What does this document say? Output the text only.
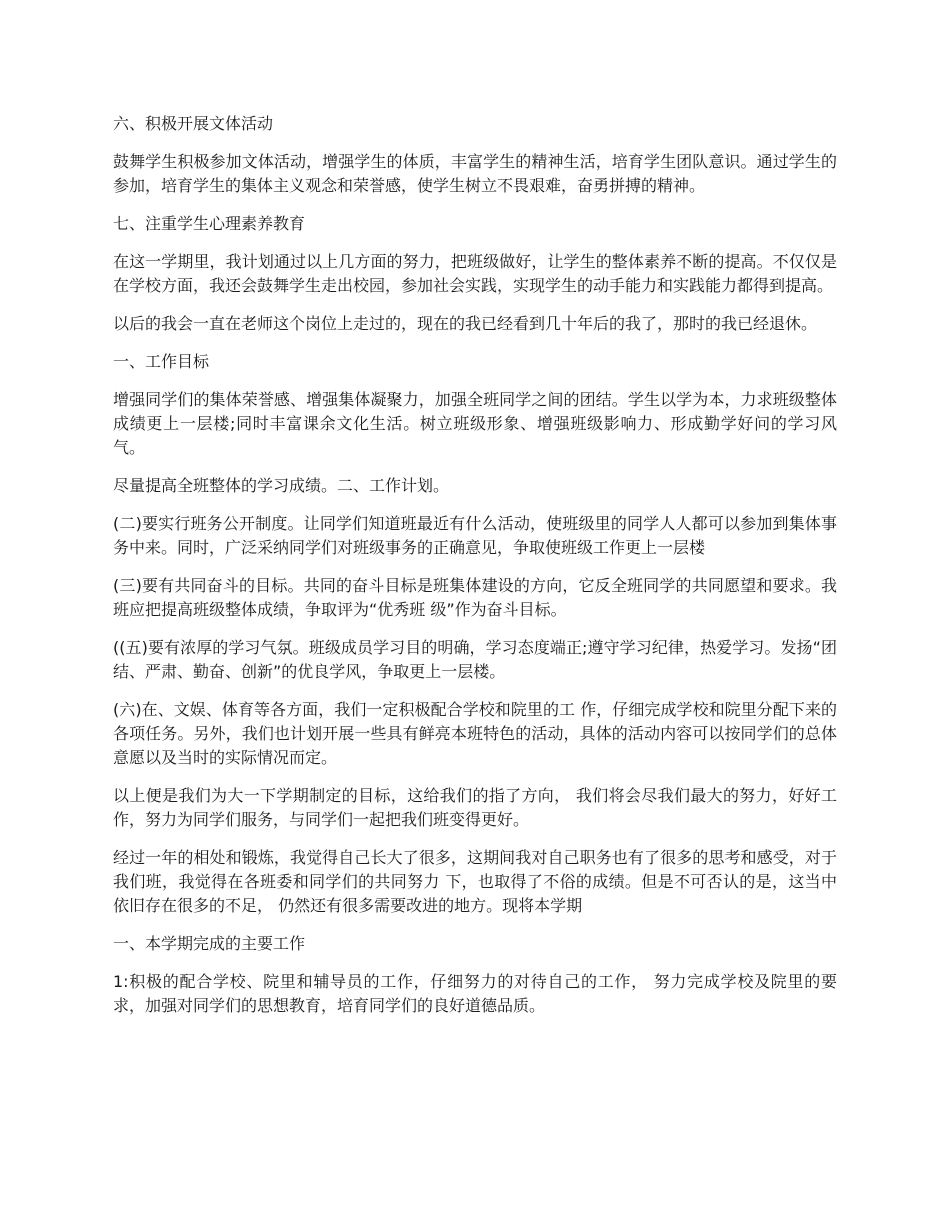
六、积极开展文体活动

鼓舞学生积极参加文体活动，增强学生的体质，丰富学生的精神生活，培育学生团队意识。通过学生的参加，培育学生的集体主义观念和荣誉感，使学生树立不畏艰难，奋勇拼搏的精神。

七、注重学生心理素养教育

在这一学期里，我计划通过以上几方面的努力，把班级做好，让学生的整体素养不断的提高。不仅仅是在学校方面，我还会鼓舞学生走出校园，参加社会实践，实现学生的动手能力和实践能力都得到提高。

以后的我会一直在老师这个岗位上走过的，现在的我已经看到几十年后的我了，那时的我已经退休。

一、工作目标

增强同学们的集体荣誉感、增强集体凝聚力，加强全班同学之间的团结。学生以学为本，力求班级整体成绩更上一层楼;同时丰富课余文化生活。树立班级形象、增强班级影响力、形成勤学好问的学习风气。

尽量提高全班整体的学习成绩。二、工作计划。

(二)要实行班务公开制度。让同学们知道班最近有什么活动，使班级里的同学人人都可以参加到集体事务中来。同时，广泛采纳同学们对班级事务的正确意见，争取使班级工作更上一层楼

(三)要有共同奋斗的目标。共同的奋斗目标是班集体建设的方向，它反全班同学的共同愿望和要求。我班应把提高班级整体成绩，争取评为“优秀班 级”作为奋斗目标。

((五)要有浓厚的学习气氛。班级成员学习目的明确，学习态度端正;遵守学习纪律，热爱学习。发扬“团结、严肃、勤奋、创新”的优良学风，争取更上一层楼。

(六)在、文娱、体育等各方面，我们一定积极配合学校和院里的工 作，仔细完成学校和院里分配下来的各项任务。另外，我们也计划开展一些具有鲜亮本班特色的活动，具体的活动内容可以按同学们的总体意愿以及当时的实际情况而定。

以上便是我们为大一下学期制定的目标，这给我们的指了方向， 我们将会尽我们最大的努力，好好工作，努力为同学们服务，与同学们一起把我们班变得更好。

经过一年的相处和锻炼，我觉得自己长大了很多，这期间我对自己职务也有了很多的思考和感受，对于我们班，我觉得在各班委和同学们的共同努力 下，也取得了不俗的成绩。但是不可否认的是，这当中依旧存在很多的不足， 仍然还有很多需要改进的地方。现将本学期

一、本学期完成的主要工作

1:积极的配合学校、院里和辅导员的工作，仔细努力的对待自己的工作， 努力完成学校及院里的要求，加强对同学们的思想教育，培育同学们的良好道德品质。
